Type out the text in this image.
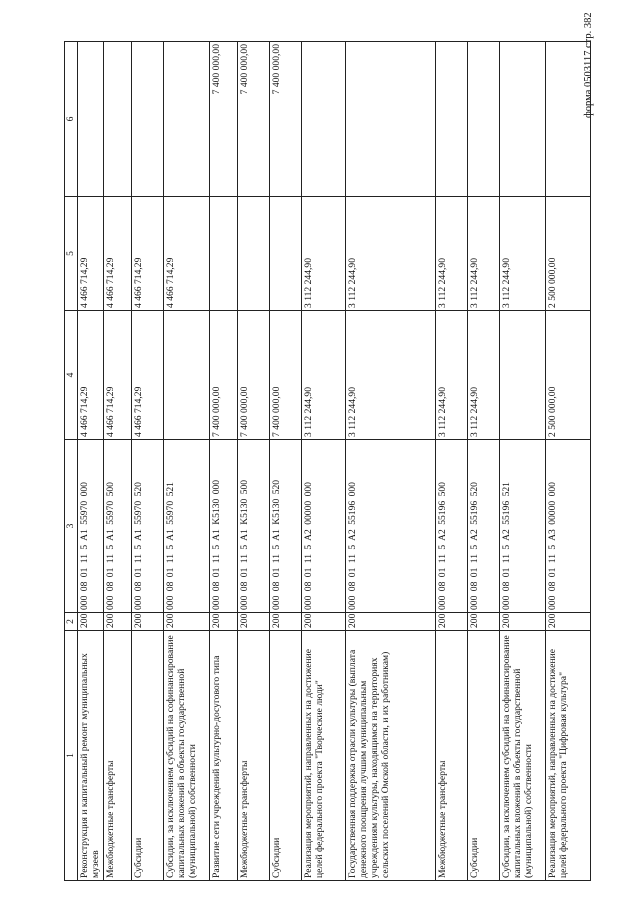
форма 0503117 стр. 382
1	2	3	4	5	6
Реконструкция и капитальный ремонт муниципальных музеев	200	000 08 01 11 5 A1 55970 000	4 466 714,29	4 466 714,29	
Межбюджетные трансферты	200	000 08 01 11 5 A1 55970 500	4 466 714,29	4 466 714,29	
Субсидии	200	000 08 01 11 5 A1 55970 520	4 466 714,29	4 466 714,29	
Субсидии, за исключением субсидий на софинансирование капитальных вложений в объекты государственной (муниципальной) собственности	200	000 08 01 11 5 A1 55970 521		4 466 714,29	
Развитие сети учреждений культурно-досугового типа	200	000 08 01 11 5 A1 K5130 000	7 400 000,00		7 400 000,00
Межбюджетные трансферты	200	000 08 01 11 5 A1 K5130 500	7 400 000,00		7 400 000,00
Субсидии	200	000 08 01 11 5 A1 K5130 520	7 400 000,00		7 400 000,00
Реализация мероприятий, направленных на достижение целей федерального проекта "Творческие люди"	200	000 08 01 11 5 A2 00000 000	3 112 244,90	3 112 244,90	
Государственная поддержка отрасли культуры (выплата денежного поощрения лучшим муниципальным учреждениям культуры, находящимся на территориях сельских поселений Омской области, и их работникам)	200	000 08 01 11 5 A2 55196 000	3 112 244,90	3 112 244,90	
Межбюджетные трансферты	200	000 08 01 11 5 A2 55196 500	3 112 244,90	3 112 244,90	
Субсидии	200	000 08 01 11 5 A2 55196 520	3 112 244,90	3 112 244,90	
Субсидии, за исключением субсидий на софинансирование капитальных вложений в объекты государственной (муниципальной) собственности	200	000 08 01 11 5 A2 55196 521		3 112 244,90	
Реализация мероприятий, направленных на достижение целей федерального проекта "Цифровая культура"	200	000 08 01 11 5 A3 00000 000	2 500 000,00	2 500 000,00	
